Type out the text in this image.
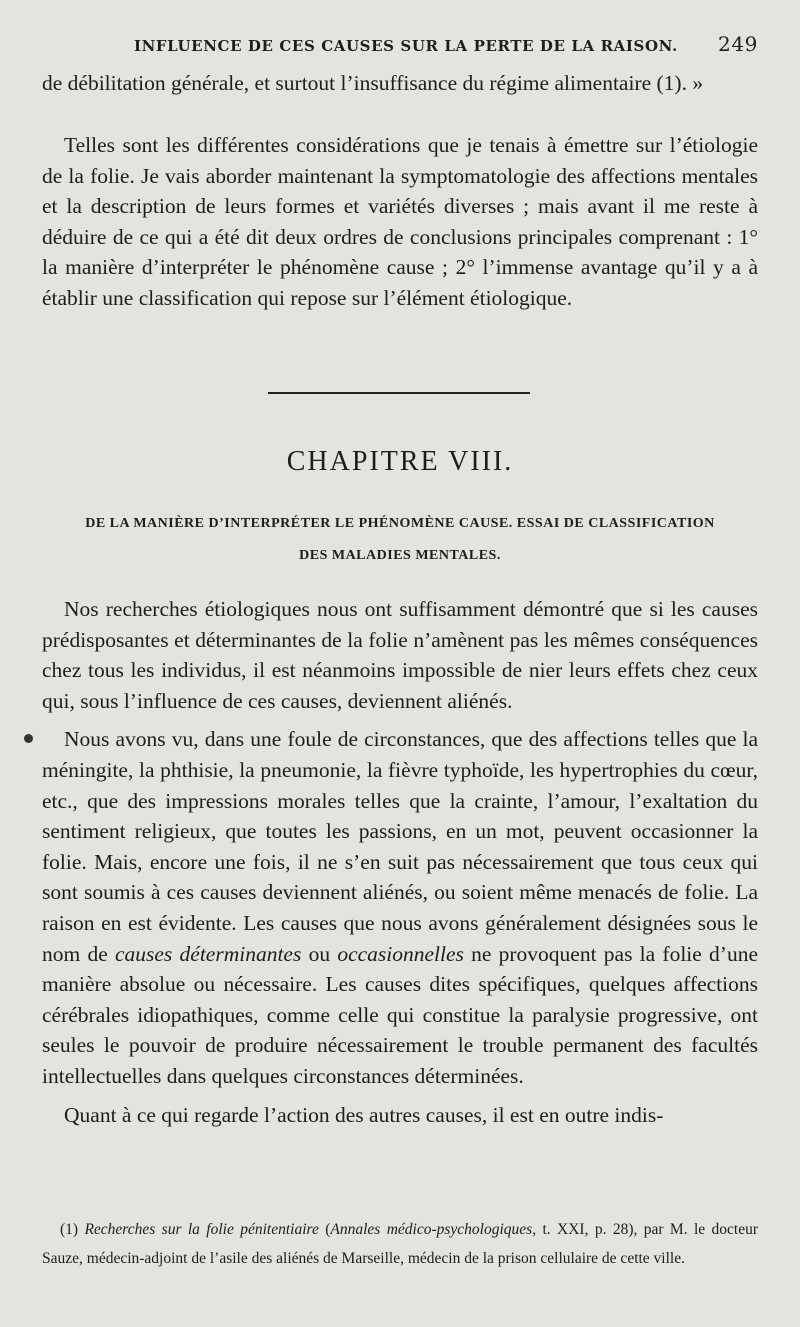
INFLUENCE DE CES CAUSES SUR LA PERTE DE LA RAISON. 249

de débilitation générale, et surtout l’insuffisance du régime alimentaire (1). »

Telles sont les différentes considérations que je tenais à émettre sur l’étiologie de la folie. Je vais aborder maintenant la symptomatologie des affections mentales et la description de leurs formes et variétés diverses ; mais avant il me reste à déduire de ce qui a été dit deux ordres de conclusions principales comprenant : 1° la manière d’interpréter le phénomène cause ; 2° l’immense avantage qu’il y a à établir une classification qui repose sur l’élément étiologique.

CHAPITRE VIII.
DE LA MANIÈRE D’INTERPRÉTER LE PHÉNOMÈNE CAUSE. ESSAI DE CLASSIFICATION
DES MALADIES MENTALES.

Nos recherches étiologiques nous ont suffisamment démontré que si les causes prédisposantes et déterminantes de la folie n’amènent pas les mêmes conséquences chez tous les individus, il est néanmoins impossible de nier leurs effets chez ceux qui, sous l’influence de ces causes, deviennent aliénés.

Nous avons vu, dans une foule de circonstances, que des affections telles que la méningite, la phthisie, la pneumonie, la fièvre typhoïde, les hypertrophies du cœur, etc., que des impressions morales telles que la crainte, l’amour, l’exaltation du sentiment religieux, que toutes les passions, en un mot, peuvent occasionner la folie. Mais, encore une fois, il ne s’en suit pas nécessairement que tous ceux qui sont soumis à ces causes deviennent aliénés, ou soient même menacés de folie. La raison en est évidente. Les causes que nous avons généralement désignées sous le nom de causes déterminantes ou occasionnelles ne provoquent pas la folie d’une manière absolue ou nécessaire. Les causes dites spécifiques, quelques affections cérébrales idiopathiques, comme celle qui constitue la paralysie progressive, ont seules le pouvoir de produire nécessairement le trouble permanent des facultés intellectuelles dans quelques circonstances déterminées.

Quant à ce qui regarde l’action des autres causes, il est en outre indis-

(1) Recherches sur la folie pénitentiaire (Annales médico-psychologiques, t. XXI, p. 28), par M. le docteur Sauze, médecin-adjoint de l’asile des aliénés de Marseille, médecin de la prison cellulaire de cette ville.
